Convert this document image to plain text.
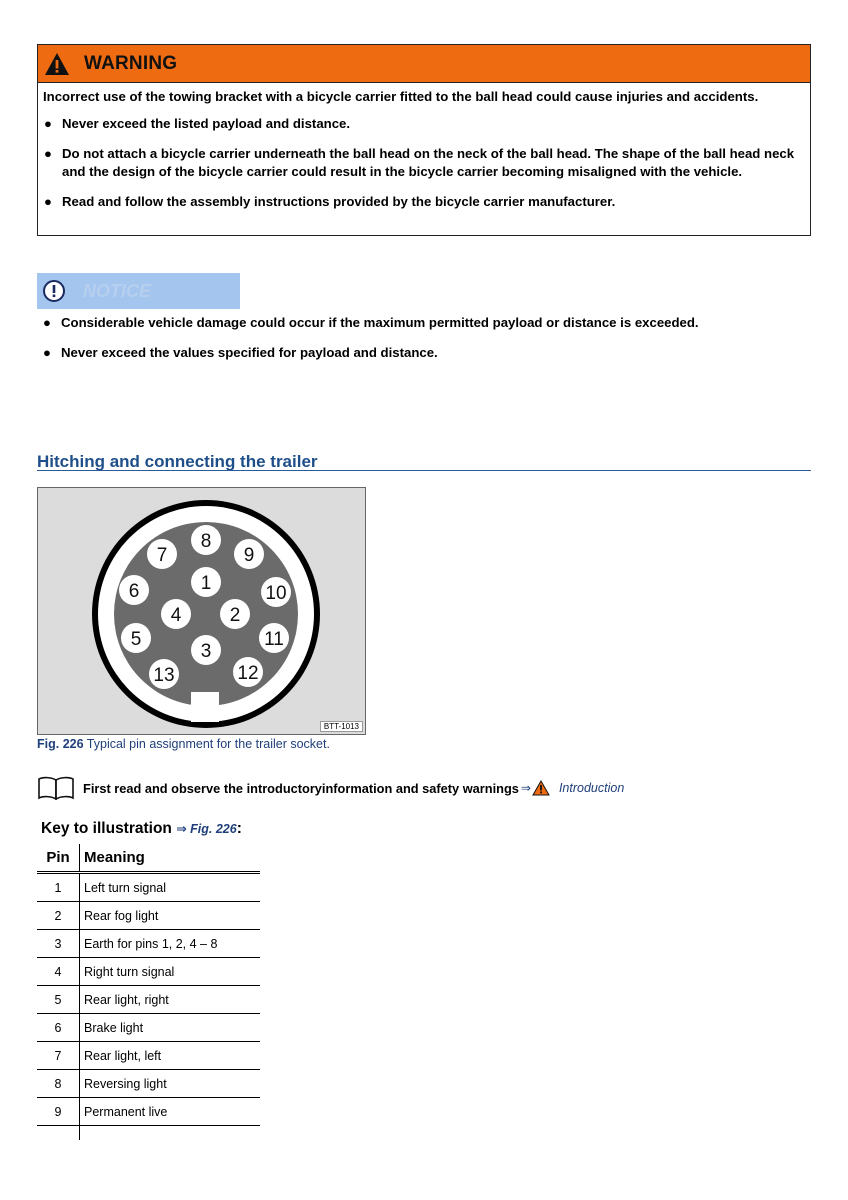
WARNING
Incorrect use of the towing bracket with a bicycle carrier fitted to the ball head could cause injuries and accidents.
● Never exceed the listed payload and distance.
● Do not attach a bicycle carrier underneath the ball head on the neck of the ball head. The shape of the ball head neck and the design of the bicycle carrier could result in the bicycle carrier becoming misaligned with the vehicle.
● Read and follow the assembly instructions provided by the bicycle carrier manufacturer.
NOTICE
● Considerable vehicle damage could occur if the maximum permitted payload or distance is exceeded.
● Never exceed the values specified for payload and distance.
Hitching and connecting the trailer
1
2
3
4
5
6
7
8
9
10
11
12
13
BTT-1013
Fig. 226 Typical pin assignment for the trailer socket.
First read and observe the introductoryinformation and safety warnings ⇒ Introduction
Key to illustration ⇒ Fig. 226:
Pin	Meaning
1	Left turn signal
2	Rear fog light
3	Earth for pins 1, 2, 4 – 8
4	Right turn signal
5	Rear light, right
6	Brake light
7	Rear light, left
8	Reversing light
9	Permanent live
